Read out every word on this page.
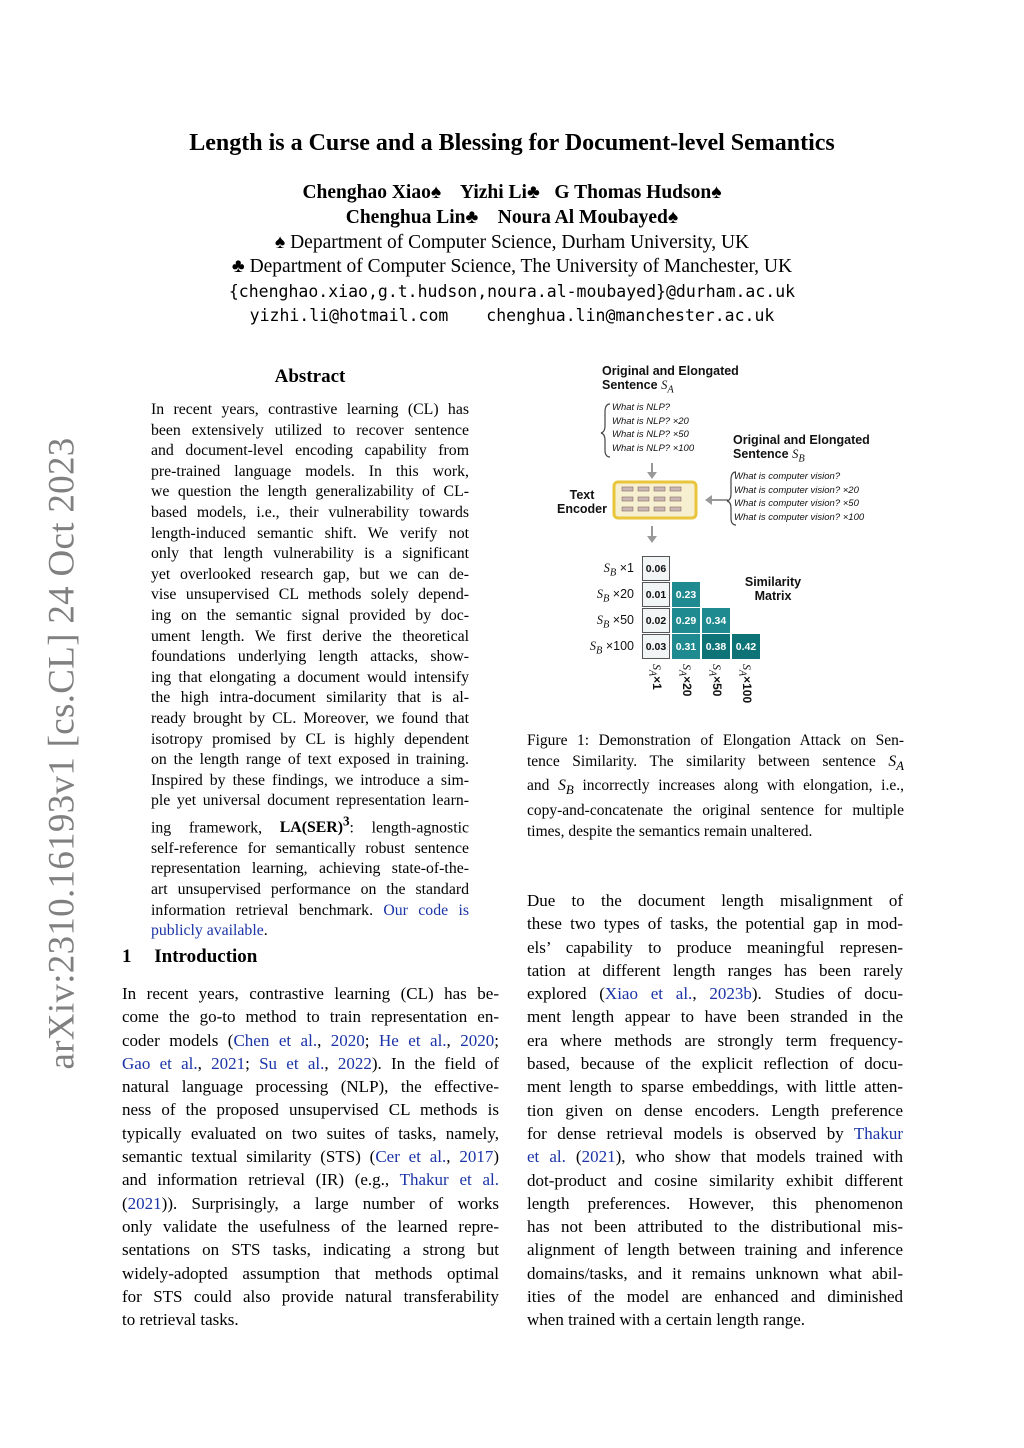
arXiv:2310.16193v1 [cs.CL] 24 Oct 2023
Length is a Curse and a Blessing for Document-level Semantics
Chenghao Xiao♠ Yizhi Li♣ G Thomas Hudson♠
Chenghua Lin♣ Noura Al Moubayed♠
♠ Department of Computer Science, Durham University, UK
♣ Department of Computer Science, The University of Manchester, UK
{chenghao.xiao,g.t.hudson,noura.al-moubayed}@durham.ac.uk
yizhi.li@hotmail.com chenghua.lin@manchester.ac.uk
Abstract
In recent years, contrastive learning (CL) has
been extensively utilized to recover sentence
and document-level encoding capability from
pre-trained language models. In this work,
we question the length generalizability of CL-
based models, i.e., their vulnerability towards
length-induced semantic shift. We verify not
only that length vulnerability is a significant
yet overlooked research gap, but we can de-
vise unsupervised CL methods solely depend-
ing on the semantic signal provided by doc-
ument length. We first derive the theoretical
foundations underlying length attacks, show-
ing that elongating a document would intensify
the high intra-document similarity that is al-
ready brought by CL. Moreover, we found that
isotropy promised by CL is highly dependent
on the length range of text exposed in training.
Inspired by these findings, we introduce a sim-
ple yet universal document representation learn-
ing framework, LA(SER)$^3$: length-agnostic
self-reference for semantically robust sentence
representation learning, achieving state-of-the-
art unsupervised performance on the standard
information retrieval benchmark. Our code is
publicly available.
1 Introduction
In recent years, contrastive learning (CL) has be-
come the go-to method to train representation en-
coder models (Chen et al., 2020; He et al., 2020;
Gao et al., 2021; Su et al., 2022). In the field of
natural language processing (NLP), the effective-
ness of the proposed unsupervised CL methods is
typically evaluated on two suites of tasks, namely,
semantic textual similarity (STS) (Cer et al., 2017)
and information retrieval (IR) (e.g., Thakur et al.
(2021)). Surprisingly, a large number of works
only validate the usefulness of the learned repre-
sentations on STS tasks, indicating a strong but
widely-adopted assumption that methods optimal
for STS could also provide natural transferability
to retrieval tasks.
Due to the document length misalignment of
these two types of tasks, the potential gap in mod-
els’ capability to produce meaningful represen-
tation at different length ranges has been rarely
explored (Xiao et al., 2023b). Studies of docu-
ment length appear to have been stranded in the
era where methods are strongly term frequency-
based, because of the explicit reflection of docu-
ment length to sparse embeddings, with little atten-
tion given on dense encoders. Length preference
for dense retrieval models is observed by Thakur
et al. (2021), who show that models trained with
dot-product and cosine similarity exhibit different
length preferences. However, this phenomenon
has not been attributed to the distributional mis-
alignment of length between training and inference
domains/tasks, and it remains unknown what abil-
ities of the model are enhanced and diminished
when trained with a certain length range.
Figure 1: Demonstration of Elongation Attack on Sen-
tence Similarity. The similarity between sentence $S_A$
and $S_B$ incorrectly increases along with elongation, i.e.,
copy-and-concatenate the original sentence for multiple
times, despite the semantics remain unaltered.
Original and Elongated Sentence $S_A$
What is NLP?
What is NLP? ×20
What is NLP? ×50
What is NLP? ×100
Original and Elongated Sentence $S_B$
What is computer vision?
What is computer vision? ×20
What is computer vision? ×50
What is computer vision? ×100
Text Encoder
Similarity Matrix
$S_B \times 1$	0.06
$S_B \times 20$	0.01 0.23
$S_B \times 50$	0.02 0.29 0.34
$S_B \times 100$	0.03 0.31 0.38 0.42
$S_A\times 1$
$S_A\times 20$
$S_A\times 50$
$S_A\times 100$
